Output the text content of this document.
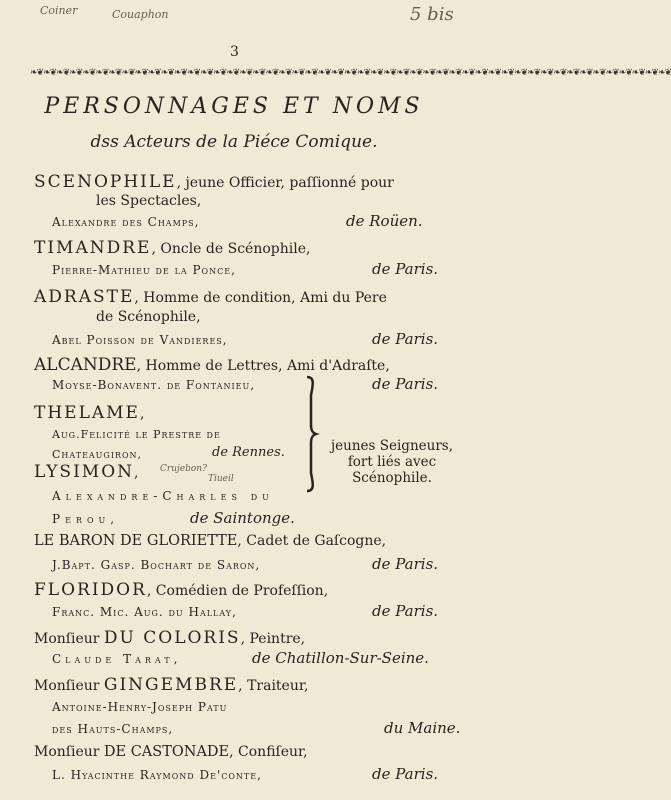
Coiner	Couaphon	5 bis
3
❧❦❧❦❧❦❧❦❧❦❧❦❧❦❧❦❧❦❧❦❧❦❧❦❧❦❧❦❧❦❧❦❧❦❧❦❧❦❧❦❧❦❧❦❧❦❧❦❧❦❧❦❧❦❧❦❧❦❧❦❧❦❧❦❧❦❧❦❧❦❧❦❧❦❧❦❧❦❧❦❧❦❧❦❧❦❧❦❧❦❧❦❧❦❧❦❧❦
PERSONNAGES ET NOMS
dss Acteurs de la Piéce Comique.
SCENOPHILE, jeune Officier, paſſionné pour
les Spectacles,
Alexandre des Champs,	de Roüen.
TIMANDRE, Oncle de Scénophile,
Pierre-Mathieu de la Ponce,	de Paris.
ADRASTE, Homme de condition, Ami du Pere
de Scénophile,
Abel Poisson de Vandieres,	de Paris.
ALCANDRE, Homme de Lettres, Ami d'Adraſte,
Moyse-Bonavent. de Fontanieu,	de Paris.
THELAME,
Aug.Felicité le Prestre de
Chateaugiron,	de Rennes.
LYSIMON, Crujebon?
Tiueil
Alexandre-Charles du
Perou,	de Saintonge.
jeunes Seigneurs,
fort liés avec
Scénophile.
LE BARON DE GLORIETTE, Cadet de Gaſcogne,
J.Bapt. Gasp. Bochart de Saron,	de Paris.
FLORIDOR, Comédien de Profeſſion,
Franc. Mic. Aug. du Hallay,	de Paris.
Monſieur DU COLORIS, Peintre,
Claude Tarat,	de Chatillon-Sur-Seine.
Monſieur GINGEMBRE, Traiteur,
Antoine-Henry-Joseph Patu
des Hauts-Champs,	du Maine.
Monſieur DE CASTONADE, Confiſeur,
L. Hyacinthe Raymond De'conte,	de Paris.
